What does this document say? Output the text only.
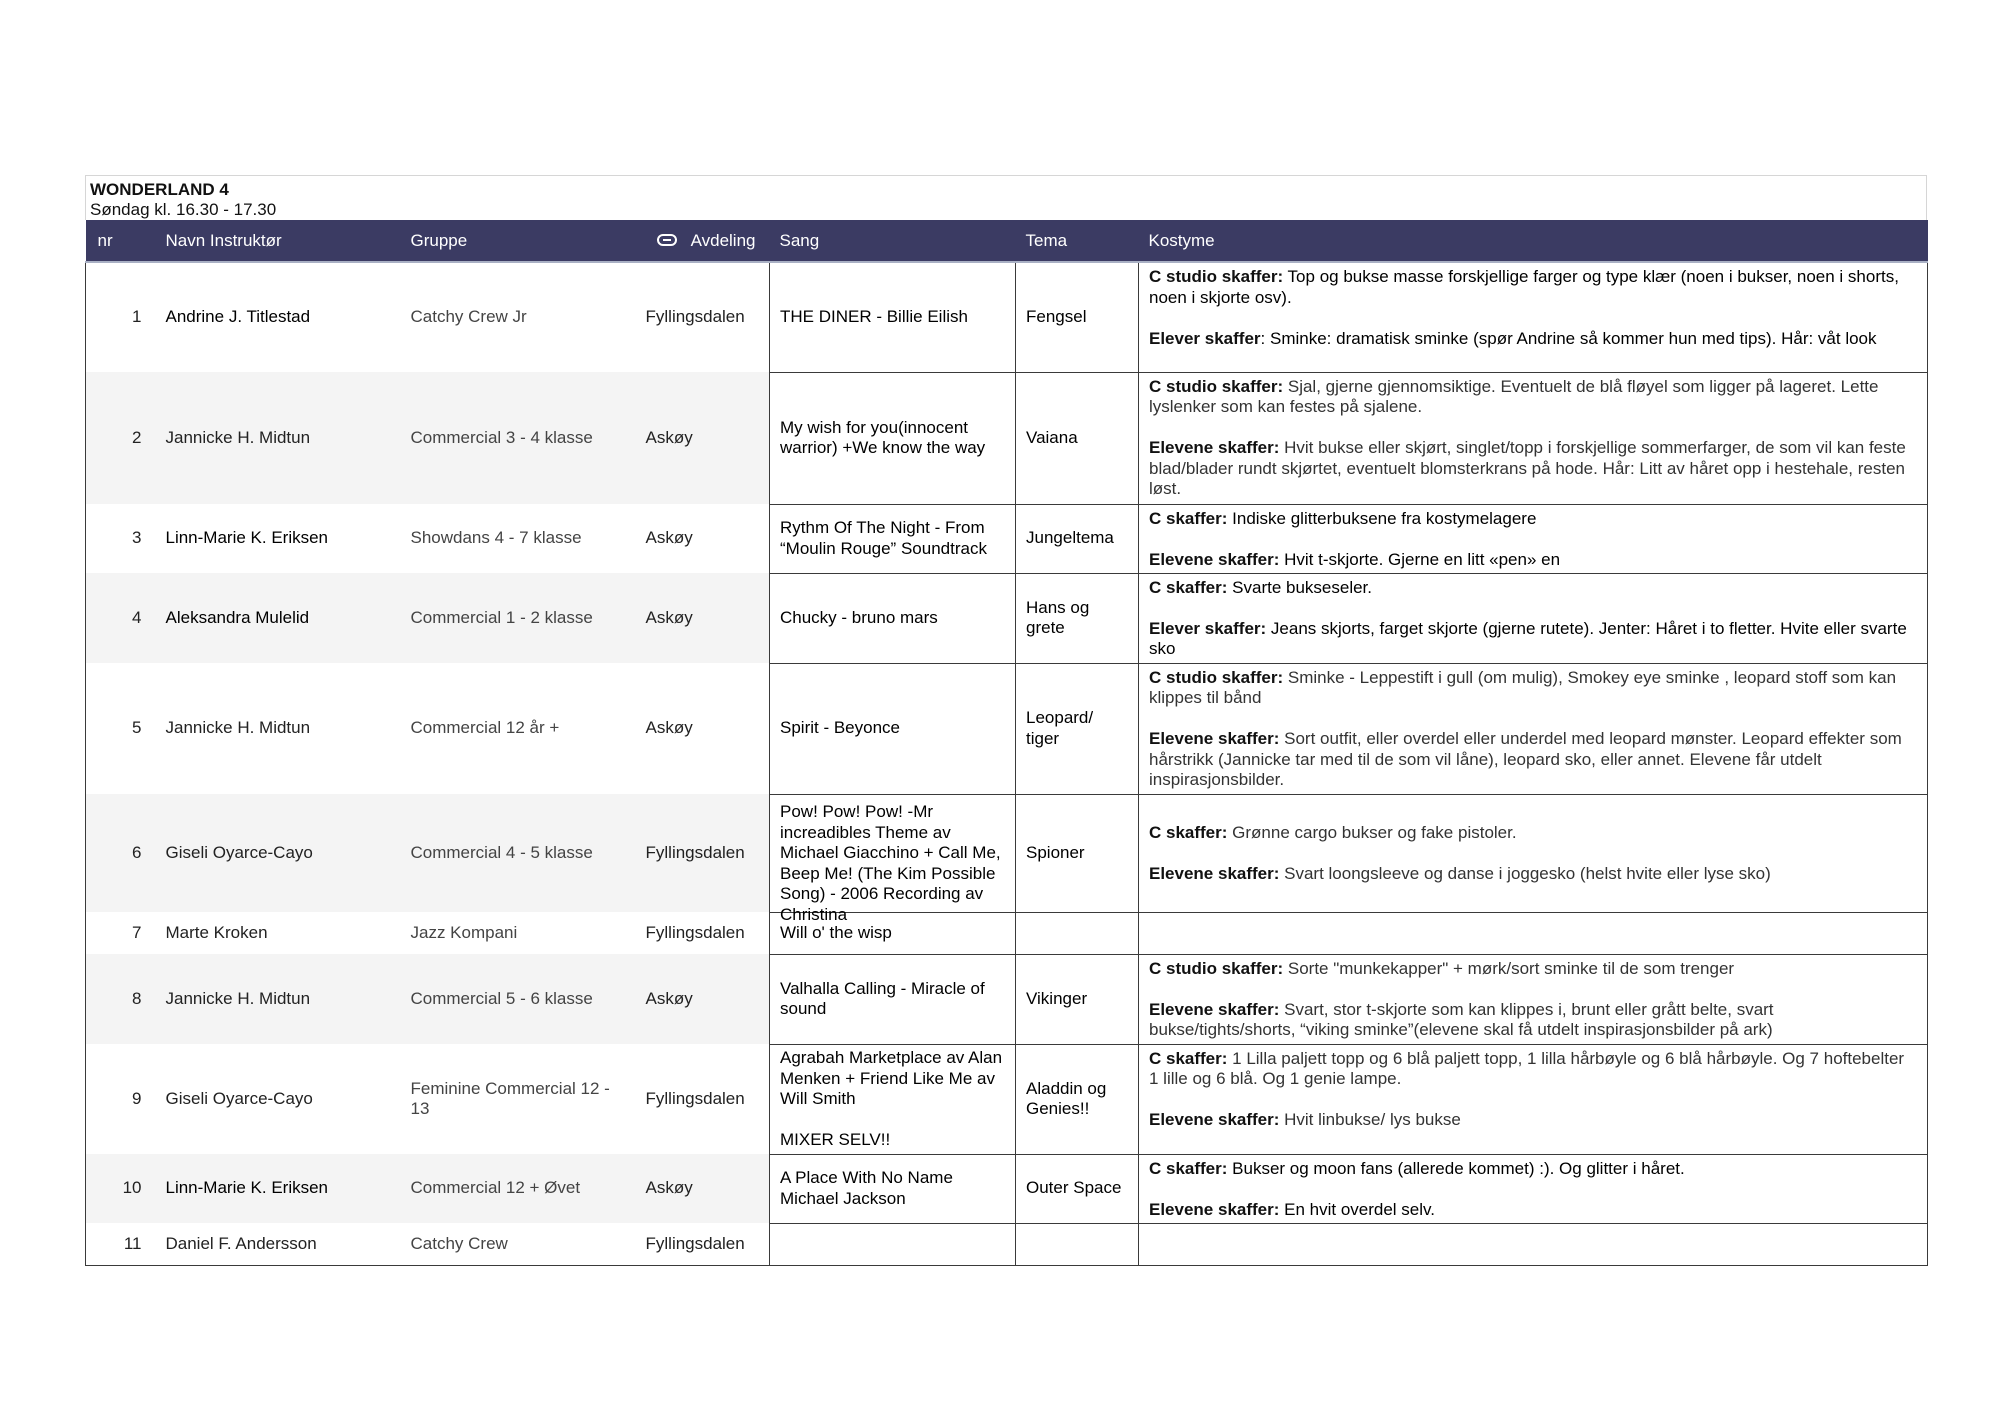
WONDERLAND 4
Søndag kl. 16.30 - 17.30
nr	Navn Instruktør	Gruppe	Avdeling	Sang	Tema	Kostyme
1	Andrine J. Titlestad	Catchy Crew Jr	Fyllingsdalen	THE DINER - Billie Eilish	Fengsel	C studio skaffer: Top og bukse masse forskjellige farger og type klær (noen i bukser, noen i shorts, noen i skjorte osv).
Elever skaffer: Sminke: dramatisk sminke (spør Andrine så kommer hun med tips). Hår: våt look

2	Jannicke H. Midtun	Commercial 3 - 4 klasse	Askøy	My wish for you(innocent warrior) +We know the way	Vaiana	C studio skaffer: Sjal, gjerne gjennomsiktige. Eventuelt de blå fløyel som ligger på lageret. Lette lyslenker som kan festes på sjalene.
Elevene skaffer: Hvit bukse eller skjørt, singlet/topp i forskjellige sommerfarger, de som vil kan feste blad/blader rundt skjørtet, eventuelt blomsterkrans på hode. Hår: Litt av håret opp i hestehale, resten løst.

3	Linn-Marie K. Eriksen	Showdans 4 - 7 klasse	Askøy	Rythm Of The Night - From “Moulin Rouge” Soundtrack	Jungeltema	C skaffer: Indiske glitterbuksene fra kostymelagere
Elevene skaffer: Hvit t-skjorte. Gjerne en litt «pen» en

4	Aleksandra Mulelid	Commercial 1 - 2 klasse	Askøy	Chucky - bruno mars	Hans og grete	C skaffer: Svarte bukseseler.
Elever skaffer: Jeans skjorts, farget skjorte (gjerne rutete). Jenter: Håret i to fletter. Hvite eller svarte sko

5	Jannicke H. Midtun	Commercial 12 år +	Askøy	Spirit - Beyonce	Leopard/ tiger	C studio skaffer: Sminke - Leppestift i gull (om mulig), Smokey eye sminke , leopard stoff som kan klippes til bånd
Elevene skaffer: Sort outfit, eller overdel eller underdel med leopard mønster. Leopard effekter som hårstrikk (Jannicke tar med til de som vil låne), leopard sko, eller annet. Elevene får utdelt inspirasjonsbilder.

6	Giseli Oyarce-Cayo	Commercial 4 - 5 klasse	Fyllingsdalen	Pow! Pow! Pow! -Mr increadibles Theme av Michael Giacchino + Call Me, Beep Me! (The Kim Possible Song) - 2006 Recording av Christina	Spioner	C skaffer: Grønne cargo bukser og fake pistoler.
Elevene skaffer: Svart loongsleeve og danse i joggesko (helst hvite eller lyse sko)

7	Marte Kroken	Jazz Kompani	Fyllingsdalen	Will o' the wisp		

8	Jannicke H. Midtun	Commercial 5 - 6 klasse	Askøy	Valhalla Calling - Miracle of sound	Vikinger	C studio skaffer: Sorte "munkekapper" + mørk/sort sminke til de som trenger
Elevene skaffer: Svart, stor t-skjorte som kan klippes i, brunt eller grått belte, svart bukse/tights/shorts, “viking sminke”(elevene skal få utdelt inspirasjonsbilder på ark)

9	Giseli Oyarce-Cayo	Feminine Commercial 12 - 13	Fyllingsdalen	Agrabah Marketplace av Alan Menken + Friend Like Me av Will Smith
MIXER SELV!!	Aladdin og Genies!!	C skaffer: 1 Lilla paljett topp og 6 blå paljett topp, 1 lilla hårbøyle og 6 blå hårbøyle. Og 7 hoftebelter 1 lille og 6 blå. Og 1 genie lampe.
Elevene skaffer: Hvit linbukse/ lys bukse

10	Linn-Marie K. Eriksen	Commercial 12 + Øvet	Askøy	A Place With No Name Michael Jackson	Outer Space	C skaffer: Bukser og moon fans (allerede kommet) :). Og glitter i håret.
Elevene skaffer: En hvit overdel selv.

11	Daniel F. Andersson	Catchy Crew	Fyllingsdalen	
